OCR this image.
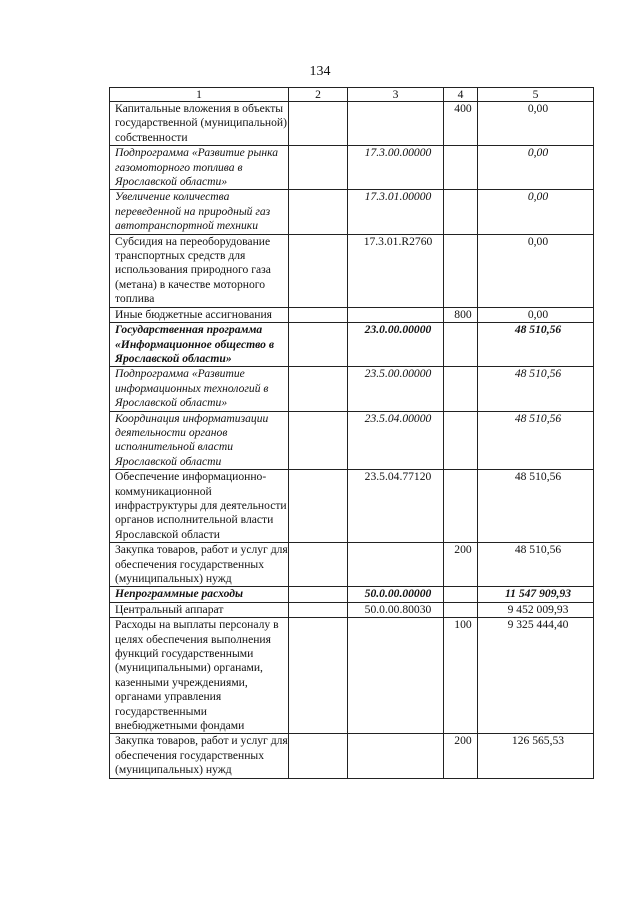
134
1	2	3	4	5
Капитальные вложения в объекты государственной (муниципальной) собственности			400	0,00
Подпрограмма «Развитие рынка газомоторного топлива в Ярославской области»		17.3.00.00000		0,00
Увеличение количества переведенной на природный газ автотранспортной техники		17.3.01.00000		0,00
Субсидия на переоборудование транспортных средств для использования природного газа (метана) в качестве моторного топлива		17.3.01.R2760		0,00
Иные бюджетные ассигнования			800	0,00
Государственная программа «Информационное общество в Ярославской области»		23.0.00.00000		48 510,56
Подпрограмма «Развитие информационных технологий в Ярославской области»		23.5.00.00000		48 510,56
Координация информатизации деятельности органов исполнительной власти Ярославской области		23.5.04.00000		48 510,56
Обеспечение информационно-коммуникационной инфраструктуры для деятельности органов исполнительной власти Ярославской области		23.5.04.77120		48 510,56
Закупка товаров, работ и услуг для обеспечения государственных (муниципальных) нужд			200	48 510,56
Непрограммные расходы		50.0.00.00000		11 547 909,93
Центральный аппарат		50.0.00.80030		9 452 009,93
Расходы на выплаты персоналу в целях обеспечения выполнения функций государственными (муниципальными) органами, казенными учреждениями, органами управления государственными внебюджетными фондами			100	9 325 444,40
Закупка товаров, работ и услуг для обеспечения государственных (муниципальных) нужд			200	126 565,53
